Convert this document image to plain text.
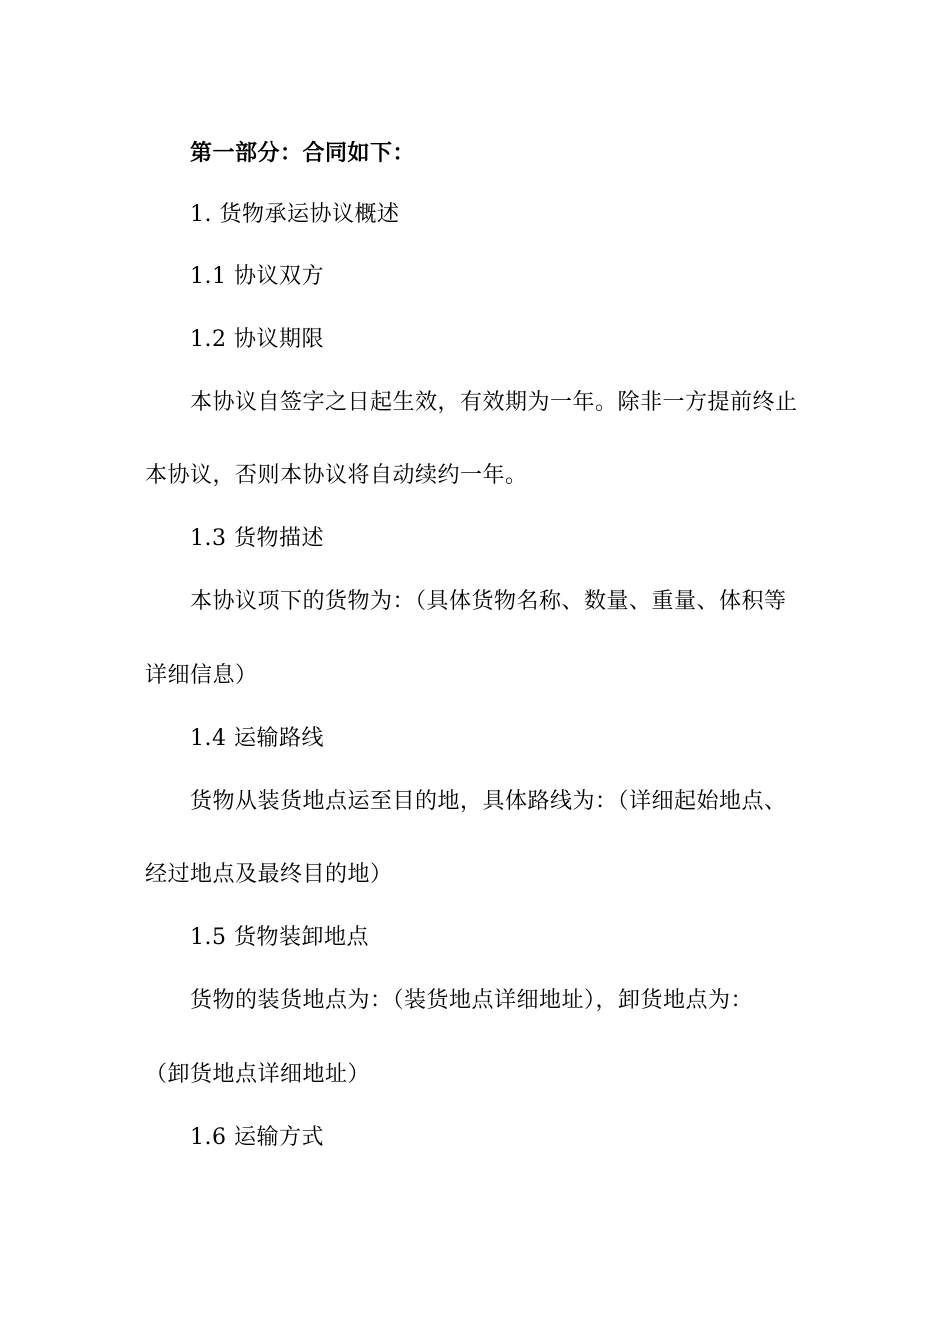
第一部分：合同如下：
1. 货物承运协议概述
1.1 协议双方
1.2 协议期限
本协议自签字之日起生效，有效期为一年。除非一方提前终止
本协议，否则本协议将自动续约一年。
1.3 货物描述
本协议项下的货物为：（具体货物名称、数量、重量、体积等
详细信息）
1.4 运输路线
货物从装货地点运至目的地，具体路线为：（详细起始地点、
经过地点及最终目的地）
1.5 货物装卸地点
货物的装货地点为：（装货地点详细地址），卸货地点为：
（卸货地点详细地址）
1.6 运输方式
